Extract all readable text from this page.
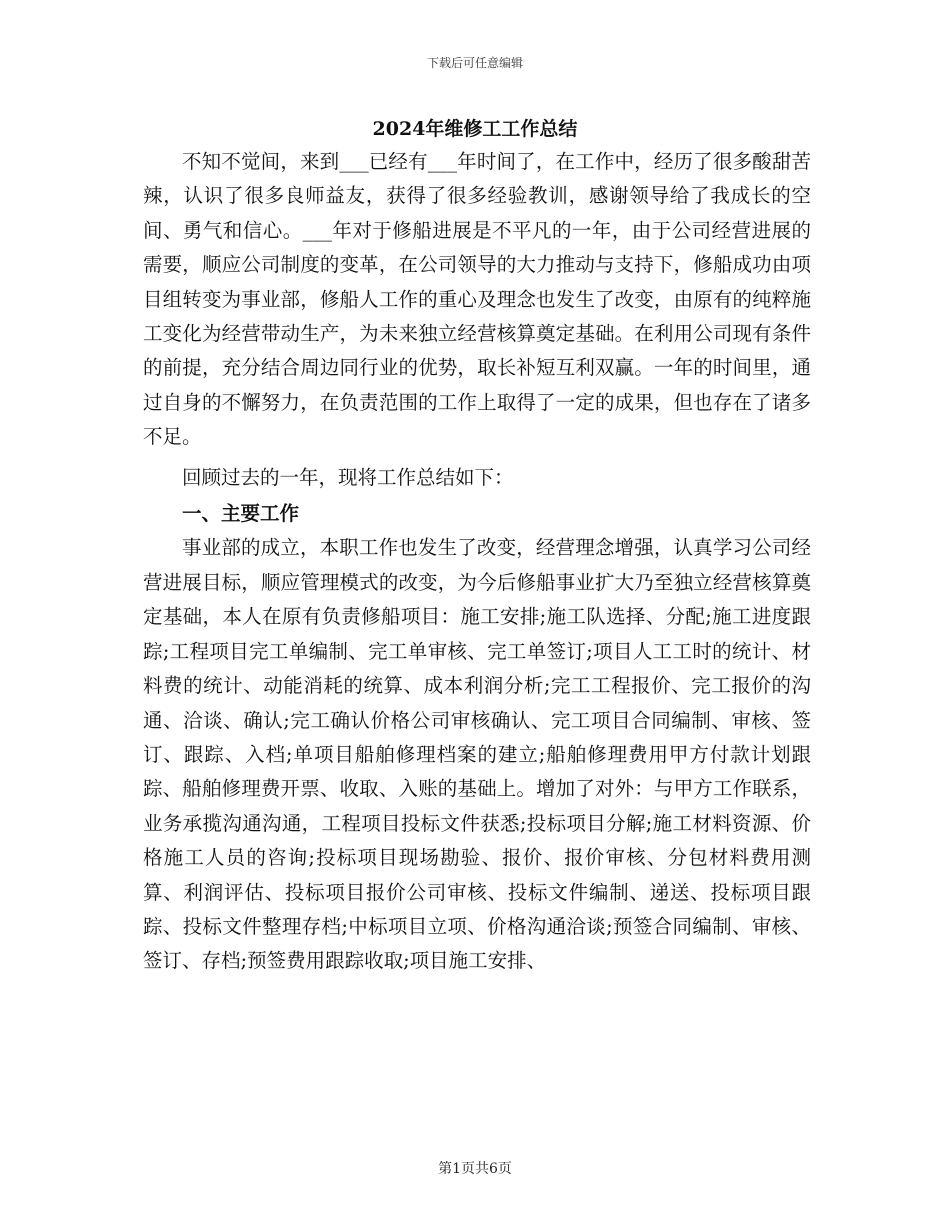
下载后可任意编辑
2024年维修工工作总结

不知不觉间，来到___已经有___年时间了，在工作中，经历了很多酸甜苦辣，认识了很多良师益友，获得了很多经验教训，感谢领导给了我成长的空间、勇气和信心。___年对于修船进展是不平凡的一年，由于公司经营进展的需要，顺应公司制度的变革，在公司领导的大力推动与支持下，修船成功由项目组转变为事业部，修船人工作的重心及理念也发生了改变，由原有的纯粹施工变化为经营带动生产，为未来独立经营核算奠定基础。在利用公司现有条件的前提，充分结合周边同行业的优势，取长补短互利双赢。一年的时间里，通过自身的不懈努力，在负责范围的工作上取得了一定的成果，但也存在了诸多不足。

回顾过去的一年，现将工作总结如下：

一、主要工作

事业部的成立，本职工作也发生了改变，经营理念增强，认真学习公司经营进展目标，顺应管理模式的改变，为今后修船事业扩大乃至独立经营核算奠定基础，本人在原有负责修船项目：施工安排;施工队选择、分配;施工进度跟踪;工程项目完工单编制、完工单审核、完工单签订;项目人工工时的统计、材料费的统计、动能消耗的统算、成本利润分析;完工工程报价、完工报价的沟通、洽谈、确认;完工确认价格公司审核确认、完工项目合同编制、审核、签订、跟踪、入档;单项目船舶修理档案的建立;船舶修理费用甲方付款计划跟踪、船舶修理费开票、收取、入账的基础上。增加了对外：与甲方工作联系，业务承揽沟通沟通，工程项目投标文件获悉;投标项目分解;施工材料资源、价格施工人员的咨询;投标项目现场勘验、报价、报价审核、分包材料费用测算、利润评估、投标项目报价公司审核、投标文件编制、递送、投标项目跟踪、投标文件整理存档;中标项目立项、价格沟通洽谈;预签合同编制、审核、签订、存档;预签费用跟踪收取;项目施工安排、

第1页共6页
